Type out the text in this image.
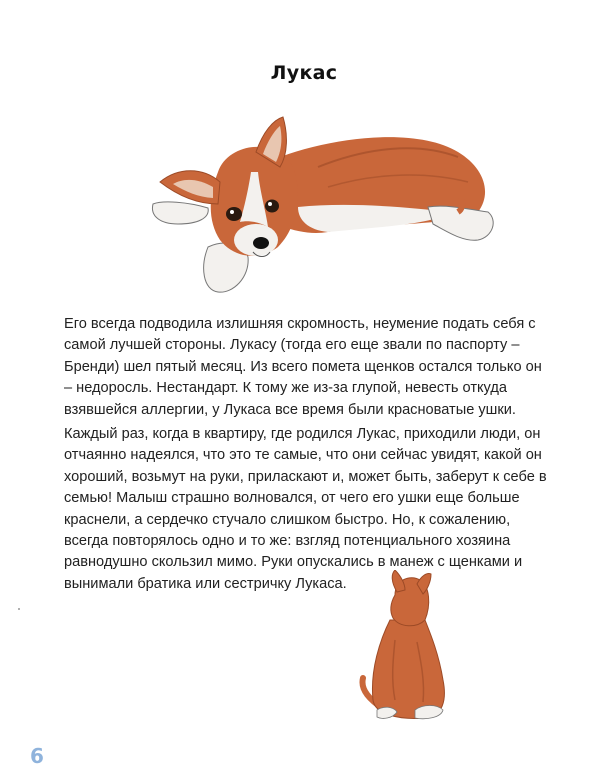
Лукас
Его всегда подводила излишняя скромность, неумение подать себя с самой лучшей стороны. Лукасу (тогда его еще звали по паспорту – Бренди) шел пятый месяц. Из всего помета щенков остался только он – недоросль. Нестандарт. К тому же из-за глупой, невесть откуда взявшейся аллергии, у Лукаса все время были красноватые ушки.
Каждый раз, когда в квартиру, где родился Лукас, приходили люди, он отчаянно надеялся, что это те самые, что они сейчас увидят, какой он хороший, возьмут на руки, приласкают и, может быть, заберут к себе в семью! Малыш страшно волновался, от чего его ушки еще больше краснели, а сердечко стучало слишком быстро. Но, к сожалению, всегда повторялось одно и то же: взгляд потенциального хозяина равнодушно скользил мимо. Руки опускались в манеж с щенками и вынимали братика или сестричку Лукаса.
6
